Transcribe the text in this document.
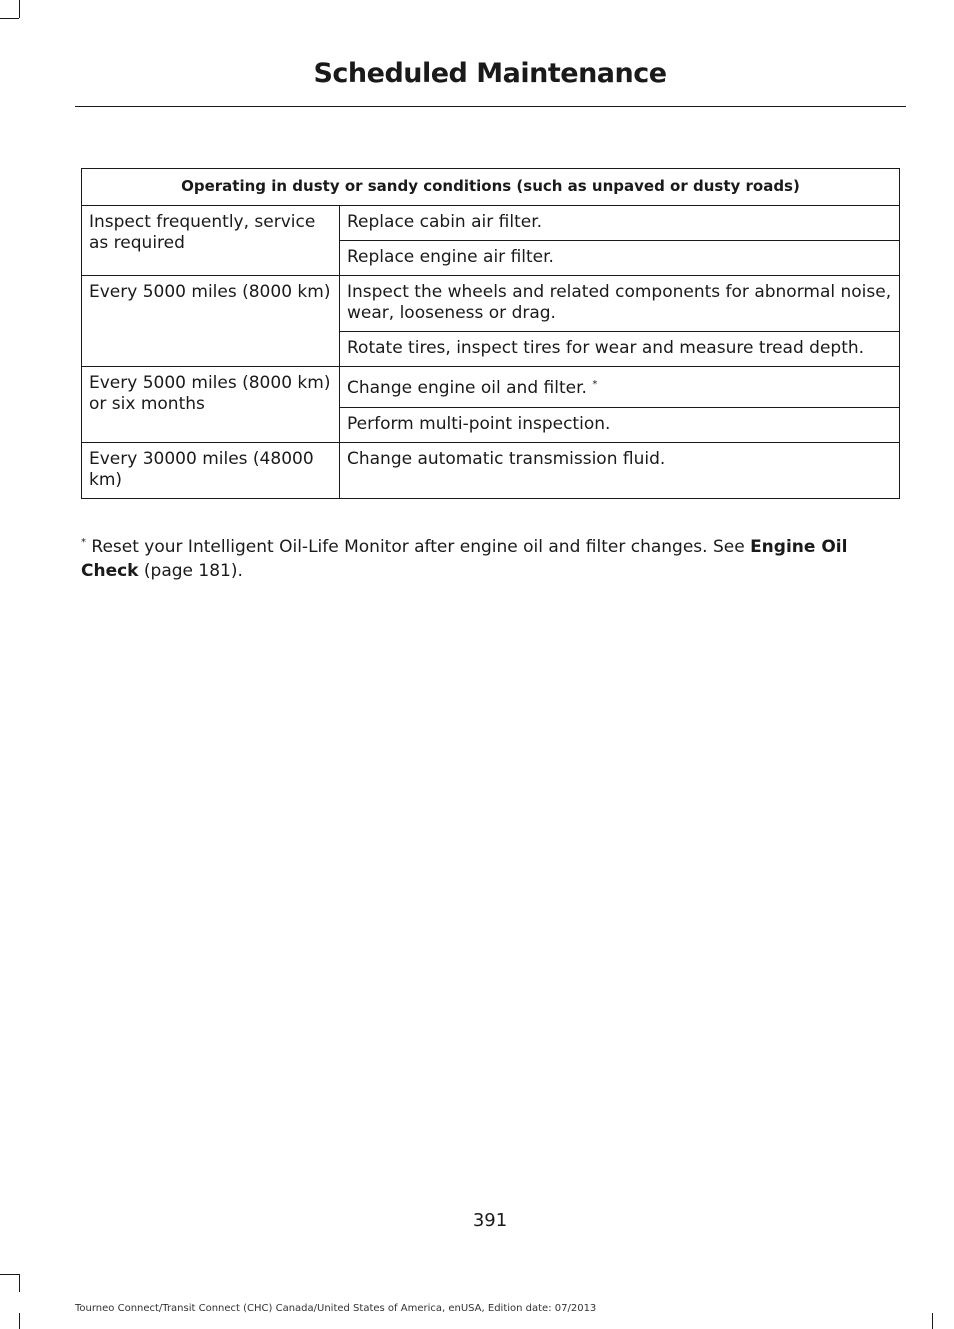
Scheduled Maintenance
Operating in dusty or sandy conditions (such as unpaved or dusty roads)	
Inspect frequently, service as required	Replace cabin air filter.
	Replace engine air filter.
Every 5000 miles (8000 km)	Inspect the wheels and related components for abnormal noise, wear, looseness or drag.
	Rotate tires, inspect tires for wear and measure tread depth.
Every 5000 miles (8000 km) or six months	Change engine oil and filter. *
	Perform multi-point inspection.
Every 30000 miles (48000 km)	Change automatic transmission fluid.

* Reset your Intelligent Oil-Life Monitor after engine oil and filter changes. See Engine Oil Check (page 181).

391
Tourneo Connect/Transit Connect (CHC) Canada/United States of America, enUSA, Edition date: 07/2013
